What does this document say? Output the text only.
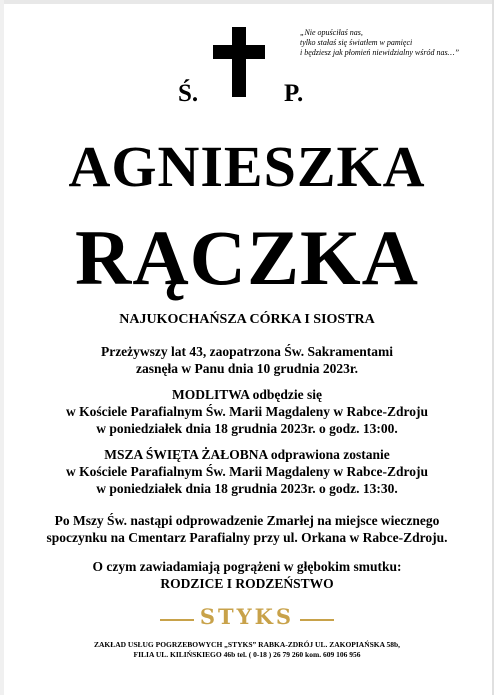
„Nie opuściłaś nas,
tylko stałaś się światłem w pamięci
i będziesz jak płomień niewidzialny wśród nas…”
Ś.	P.
AGNIESZKA
RĄCZKA
NAJUKOCHAŃSZA CÓRKA I SIOSTRA
Przeżywszy lat 43, zaopatrzona Św. Sakramentami
zasnęła w Panu dnia 10 grudnia 2023r.
MODLITWA odbędzie się
w Kościele Parafialnym Św. Marii Magdaleny w Rabce-Zdroju
w poniedziałek dnia 18 grudnia 2023r. o godz. 13:00.
MSZA ŚWIĘTA ŻAŁOBNA odprawiona zostanie
w Kościele Parafialnym Św. Marii Magdaleny w Rabce-Zdroju
w poniedziałek dnia 18 grudnia 2023r. o godz. 13:30.
Po Mszy Św. nastąpi odprowadzenie Zmarłej na miejsce wiecznego
spoczynku na Cmentarz Parafialny przy ul. Orkana w Rabce-Zdroju.
O czym zawiadamiają pogrążeni w głębokim smutku:
RODZICE I RODZEŃSTWO
STYKS
ZAKŁAD USŁUG POGRZEBOWYCH „STYKS” RABKA-ZDRÓJ UL. ZAKOPIAŃSKA 58b,
FILIA UL. KILIŃSKIEGO 46b tel. ( 0-18 ) 26 79 260 kom. 609 106 956
